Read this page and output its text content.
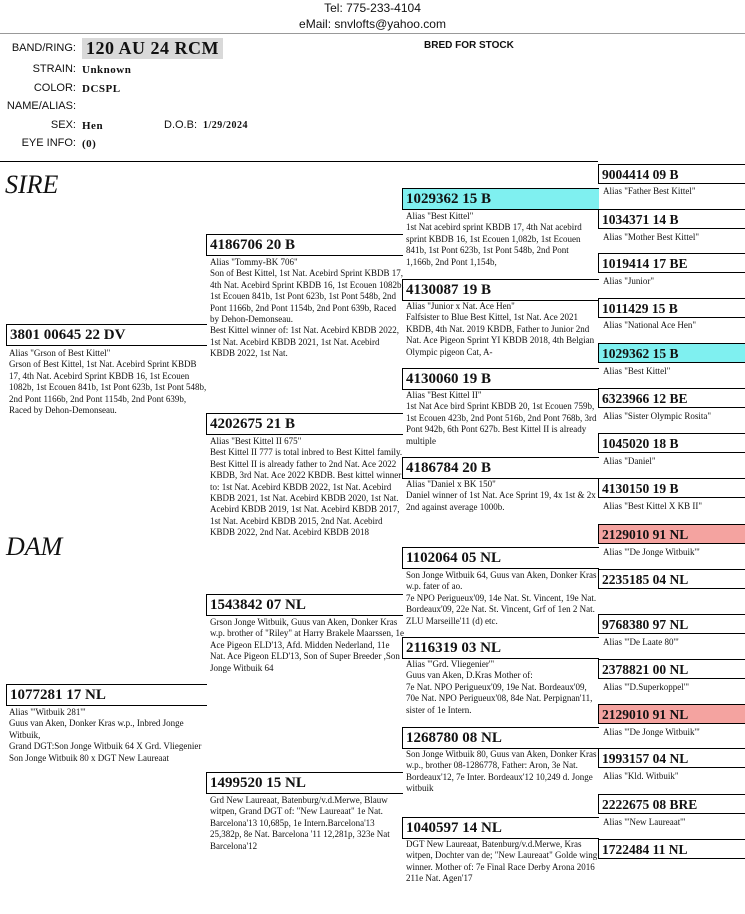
Tel: 775-233-4104
eMail: snvlofts@yahoo.com
BRED FOR STOCK
BAND/RING: 120 AU 24 RCM
STRAIN: Unknown
COLOR: DCSPL
NAME/ALIAS:
SEX: Hen	D.O.B: 1/29/2024
EYE INFO: (0)
SIRE
DAM
3801 00645 22 DV
Alias "Grson of Best Kittel"
Grson of Best Kittel, 1st Nat. Acebird Sprint KBDB 17, 4th Nat. Acebird Sprint KBDB 16, 1st Ecouen 1082b, 1st Ecouen 841b, 1st Pont 623b, 1st Pont 548b, 2nd Pont 1166b, 2nd Pont 1154b, 2nd Pont 639b, Raced by Dehon-Demonseau.
1077281 17 NL
Alias "'Witbuik 281'"
Guus van Aken, Donker Kras w.p., Inbred Jonge Witbuik,
Grand DGT:Son Jonge Witbuik 64 X Grd. Vliegenier
Son Jonge Witbuik 80 x DGT New Laureaat
4186706 20 B
Alias "Tommy-BK 706"
Son of Best Kittel, 1st Nat. Acebird Sprint KBDB 17, 4th Nat. Acebird Sprint KBDB 16, 1st Ecouen 1082b, 1st Ecouen 841b, 1st Pont 623b, 1st Pont 548b, 2nd Pont 1166b, 2nd Pont 1154b, 2nd Pont 639b, Raced by Dehon-Demonseau.
Best Kittel winner of: 1st Nat. Acebird KBDB 2022, 1st Nat. Acebird KBDB 2021, 1st Nat. Acebird KBDB 2022, 1st Nat.
4202675 21 B
Alias "Best Kittel II 675"
Best Kittel II 777 is total inbred to Best Kittel family. Best Kittel II is already father to 2nd Nat. Ace 2022 KBDB, 3rd Nat. Ace 2022 KBDB. Best kittel winner to: 1st Nat. Acebird KBDB 2022, 1st Nat. Acebird KBDB 2021, 1st Nat. Acebird KBDB 2020, 1st Nat. Acebird KBDB 2019, 1st Nat. Acebird KBDB 2017, 1st Nat. Acebird KBDB 2015, 2nd Nat. Acebird KBDB 2022, 2nd Nat. Acebird KBDB 2018
1543842 07 NL
Grson Jonge Witbuik, Guus van Aken, Donker Kras w.p. brother of "Riley" at Harry Brakele Maarssen, 1e Ace Pigeon ELD'13, Afd. Midden Nederland, 11e Nat. Ace Pigeon ELD'13, Son of Super Breeder ,Son Jonge Witbuik 64
1499520 15 NL
Grd New Laureaat, Batenburg/v.d.Merwe, Blauw witpen, Grand DGT of: "New Laureaat" 1e Nat. Barcelona'13 10,685p, 1e Intern.Barcelona'13 25,382p, 8e Nat. Barcelona '11 12,281p, 323e Nat Barcelona'12
1029362 15 B
Alias "Best Kittel"
1st Nat acebird sprint KBDB 17, 4th Nat acebird sprint KBDB 16, 1st Ecouen 1,082b, 1st Ecouen 841b, 1st Pont 623b, 1st Pont 548b, 2nd Pont 1,166b, 2nd Pont 1,154b,
4130087 19 B
Alias "Junior x Nat. Ace Hen"
Falfsister to Blue Best Kittel, 1st Nat. Ace 2021 KBDB, 4th Nat. 2019 KBDB, Father to Junior 2nd Nat. Ace Pigeon Sprint YI KBDB 2018, 4th Belgian Olympic pigeon Cat, A-
4130060 19 B
Alias "Best Kittel II"
1st Nat Ace bird Sprint KBDB 20, 1st Ecouen 759b, 1st Ecouen 423b, 2nd Pont 516b, 2nd Pont 768b, 3rd Pont 942b, 6th Pont 627b. Best Kittel II is already multiple
4186784 20 B
Alias "Daniel x BK 150"
Daniel winner of 1st Nat. Ace Sprint 19, 4x 1st & 2x 2nd against average 1000b.
1102064 05 NL
Son Jonge Witbuik 64, Guus van Aken, Donker Kras w.p. fater of ao.
7e NPO Perigueux'09, 14e Nat. St. Vincent, 19e Nat. Bordeaux'09, 22e Nat. St. Vincent, Grf of 1en 2 Nat. ZLU Marseille'11 (d) etc.
2116319 03 NL
Alias "'Grd. Vliegenier'"
Guus van Aken, D.Kras Mother of:
7e Nat. NPO Perigueux'09, 19e Nat. Bordeaux'09, 70e Nat. NPO Perigueux'08, 84e Nat. Perpignan'11, sister of 1e Intern.
1268780 08 NL
Son Jonge Witbuik 80, Guus van Aken, Donker Kras w.p., brother 08-1286778, Father: Aron, 3e Nat. Bordeaux'12, 7e Inter. Bordeaux'12 10,249 d. Jonge witbuik
1040597 14 NL
DGT New Laureaat, Batenburg/v.d.Merwe, Kras witpen, Dochter van de; "New Laureaat" Golde wing winner. Mother of: 7e Final Race Derby Arona 2016 211e Nat. Agen'17
9004414 09 B
Alias "Father Best Kittel"
1034371 14 B
Alias "Mother Best Kittel"
1019414 17 BE
Alias "Junior"
1011429 15 B
Alias "National Ace Hen"
1029362 15 B
Alias "Best Kittel"
6323966 12 BE
Alias "Sister Olympic Rosita"
1045020 18 B
Alias "Daniel"
4130150 19 B
Alias "Best Kittel X KB II"
2129010 91 NL
Alias "'De Jonge Witbuik'"
2235185 04 NL
9768380 97 NL
Alias "'De Laate 80'"
2378821 00 NL
Alias "'D.Superkoppel'"
2129010 91 NL
Alias "'De Jonge Witbuik'"
1993157 04 NL
Alias "Kld. Witbuik"
2222675 08 BRE
Alias "'New Laureaat'"
1722484 11 NL
